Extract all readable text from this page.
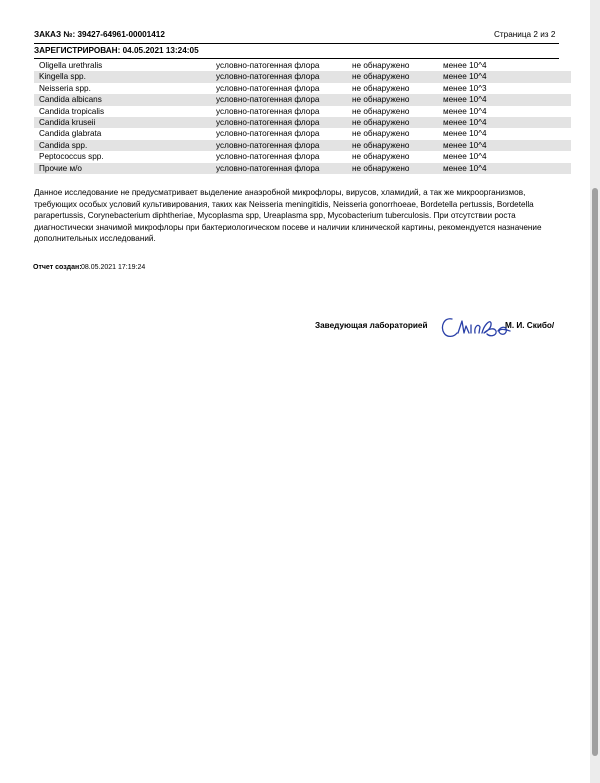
ЗАКАЗ №: 39427-64961-00001412	Страница 2 из 2
ЗАРЕГИСТРИРОВАН: 04.05.2021 13:24:05
Oligella urethralis	условно-патогенная флора	не обнаружено	менее 10^4
Kingella spp.	условно-патогенная флора	не обнаружено	менее 10^4
Neisseria spp.	условно-патогенная флора	не обнаружено	менее 10^3
Candida albicans	условно-патогенная флора	не обнаружено	менее 10^4
Candida tropicalis	условно-патогенная флора	не обнаружено	менее 10^4
Candida kruseii	условно-патогенная флора	не обнаружено	менее 10^4
Candida glabrata	условно-патогенная флора	не обнаружено	менее 10^4
Candida spp.	условно-патогенная флора	не обнаружено	менее 10^4
Peptococcus spp.	условно-патогенная флора	не обнаружено	менее 10^4
Прочие м/о	условно-патогенная флора	не обнаружено	менее 10^4
Данное исследование не предусматривает выделение анаэробной микрофлоры, вирусов, хламидий, а так же микроорганизмов, требующих особых условий культивирования, таких как Neisseria meningitidis, Neisseria gonorrhoeae, Bordetella pertussis, Bordetella parapertussis, Corynebacterium diphtheriae, Mycoplasma spp, Ureaplasma spp, Mycobacterium tuberculosis. При отсутствии роста диагностически значимой микрофлоры при бактериологическом посеве и наличии клинической картины, рекомендуется назначение дополнительных исследований.
Отчет создан: 08.05.2021 17:19:24
Заведующая лабораторией	М. И. Скибо/
